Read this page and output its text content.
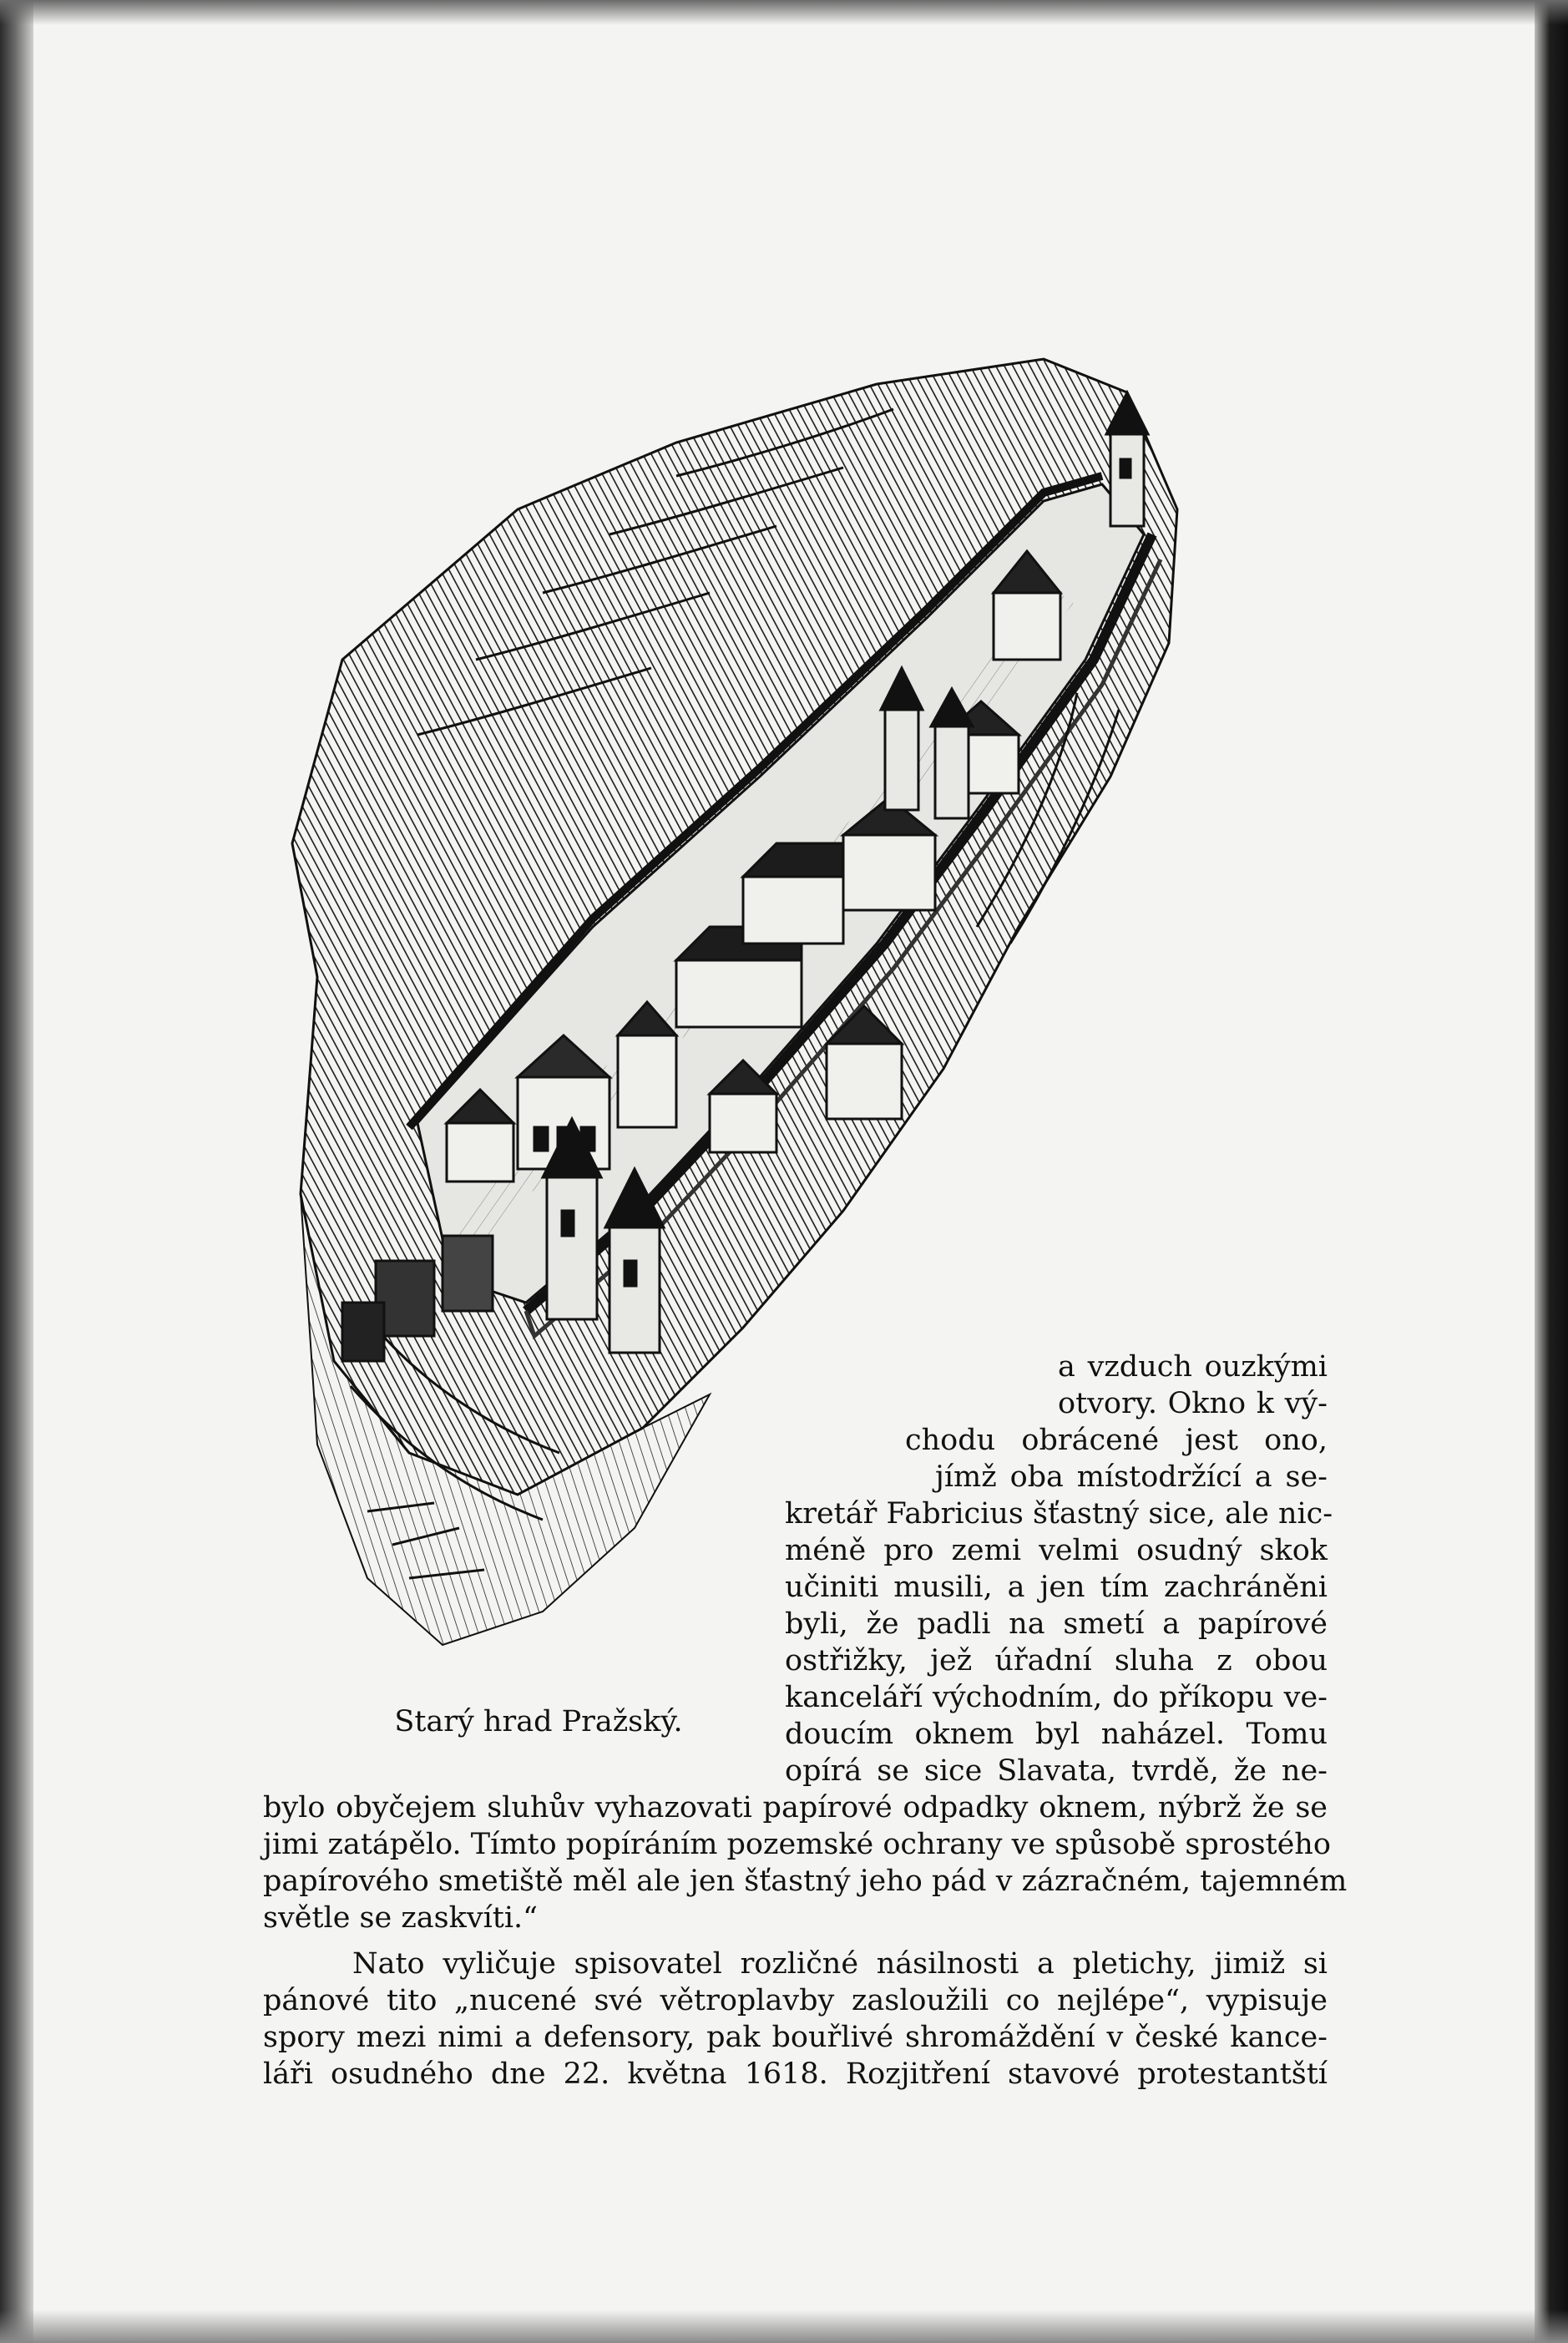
Starý hrad Pražský.
a vzduch ouzkými
otvory. Okno k vý-
chodu obrácené jest ono,
jímž oba místodržící a se-
kretář Fabricius šťastný sice, ale nic-
méně pro zemi velmi osudný skok
učiniti musili, a jen tím zachráněni
byli, že padli na smetí a papírové
ostřižky, jež úřadní sluha z obou
kanceláří východním, do příkopu ve-
doucím oknem byl naházel. Tomu
opírá se sice Slavata, tvrdě, že ne-
bylo obyčejem sluhův vyhazovati papírové odpadky oknem, nýbrž že se
jimi zatápělo. Tímto popíráním pozemské ochrany ve spůsobě sprostého
papírového smetiště měl ale jen šťastný jeho pád v zázračném, tajemném
světle se zaskvíti.“
Nato vyličuje spisovatel rozličné násilnosti a pletichy, jimiž si
pánové tito „nucené své větroplavby zasloužili co nejlépe“, vypisuje
spory mezi nimi a defensory, pak bouřlivé shromáždění v české kance-
láři osudného dne 22. května 1618. Rozjitření stavové protestantští
